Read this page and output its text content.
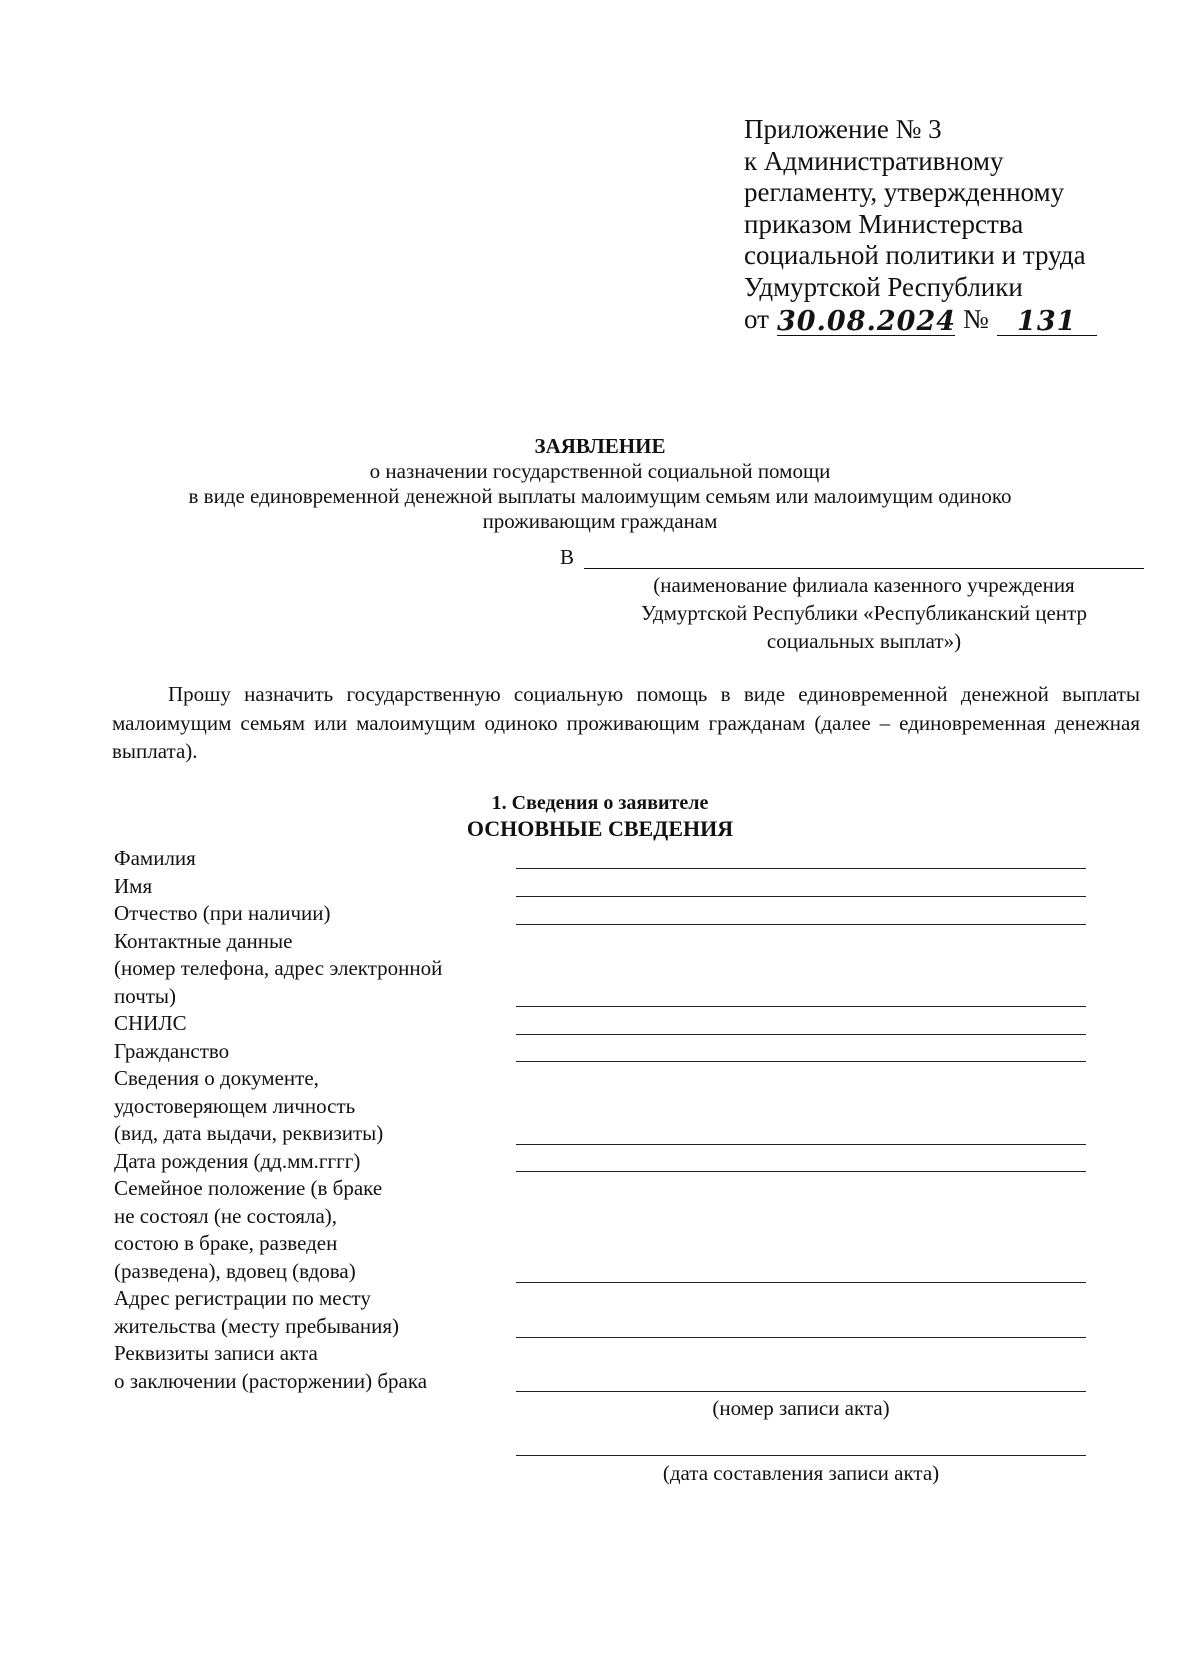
Приложение № 3
к Административному
регламенту, утвержденному
приказом Министерства
социальной политики и труда
Удмуртской Республики
от 30.08.2024 №	131
ЗАЯВЛЕНИЕ
о назначении государственной социальной помощи
в виде единовременной денежной выплаты малоимущим семьям или малоимущим одиноко
проживающим гражданам
В
(наименование филиала казенного учреждения
Удмуртской Республики «Республиканский центр
социальных выплат»)
Прошу назначить государственную социальную помощь в виде единовременной денежной выплаты малоимущим семьям или малоимущим одиноко проживающим гражданам (далее – единовременная денежная выплата).
1. Сведения о заявителе
ОСНОВНЫЕ СВЕДЕНИЯ
Фамилия
Имя
Отчество (при наличии)
Контактные данные
(номер телефона, адрес электронной
почты)
СНИЛС
Гражданство
Сведения о документе,
удостоверяющем личность
(вид, дата выдачи, реквизиты)
Дата рождения (дд.мм.гггг)
Семейное положение (в браке
не состоял (не состояла),
состою в браке, разведен
(разведена), вдовец (вдова)
Адрес регистрации по месту
жительства (месту пребывания)
Реквизиты записи акта
о заключении (расторжении) брака
(номер записи акта)
(дата составления записи акта)
